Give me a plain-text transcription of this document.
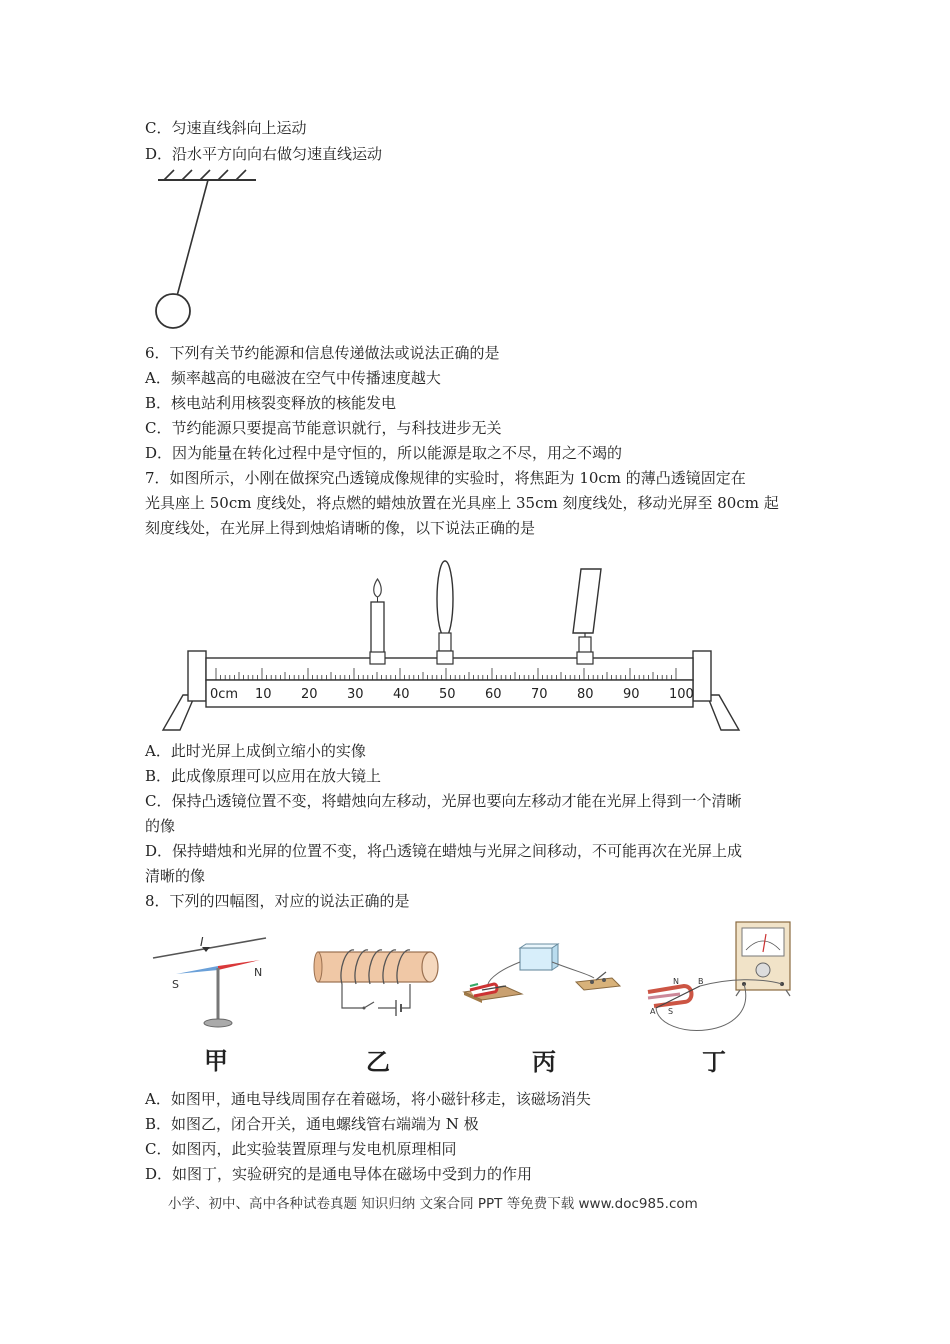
C．匀速直线斜向上运动
D．沿水平方向向右做匀速直线运动
6．下列有关节约能源和信息传递做法或说法正确的是
A．频率越高的电磁波在空气中传播速度越大
B．核电站利用核裂变释放的核能发电
C．节约能源只要提高节能意识就行，与科技进步无关
D．因为能量在转化过程中是守恒的，所以能源是取之不尽，用之不竭的
7．如图所示，小刚在做探究凸透镜成像规律的实验时，将焦距为 10cm 的薄凸透镜固定在
光具座上 50cm 度线处，将点燃的蜡烛放置在光具座上 35cm 刻度线处，移动光屏至 80cm 起
刻度线处，在光屏上得到烛焰请晰的像，以下说法正确的是
0cm 10 20 30 40 50 60 70 80 90 100
A．此时光屏上成倒立缩小的实像
B．此成像原理可以应用在放大镜上
C．保持凸透镜位置不变，将蜡烛向左移动，光屏也要向左移动才能在光屏上得到一个清晰
的像
D．保持蜡烛和光屏的位置不变，将凸透镜在蜡烛与光屏之间移动，不可能再次在光屏上成
清晰的像
8．下列的四幅图，对应的说法正确的是
I
S
N
甲	乙	丙
N
S
A
B
丁
A．如图甲，通电导线周围存在着磁场，将小磁针移走，该磁场消失
B．如图乙，闭合开关，通电螺线管右端端为 N 极
C．如图丙，此实验装置原理与发电机原理相同
D．如图丁，实验研究的是通电导体在磁场中受到力的作用
小学、初中、高中各种试卷真题 知识归纳 文案合同 PPT 等免费下载 www.doc985.com
